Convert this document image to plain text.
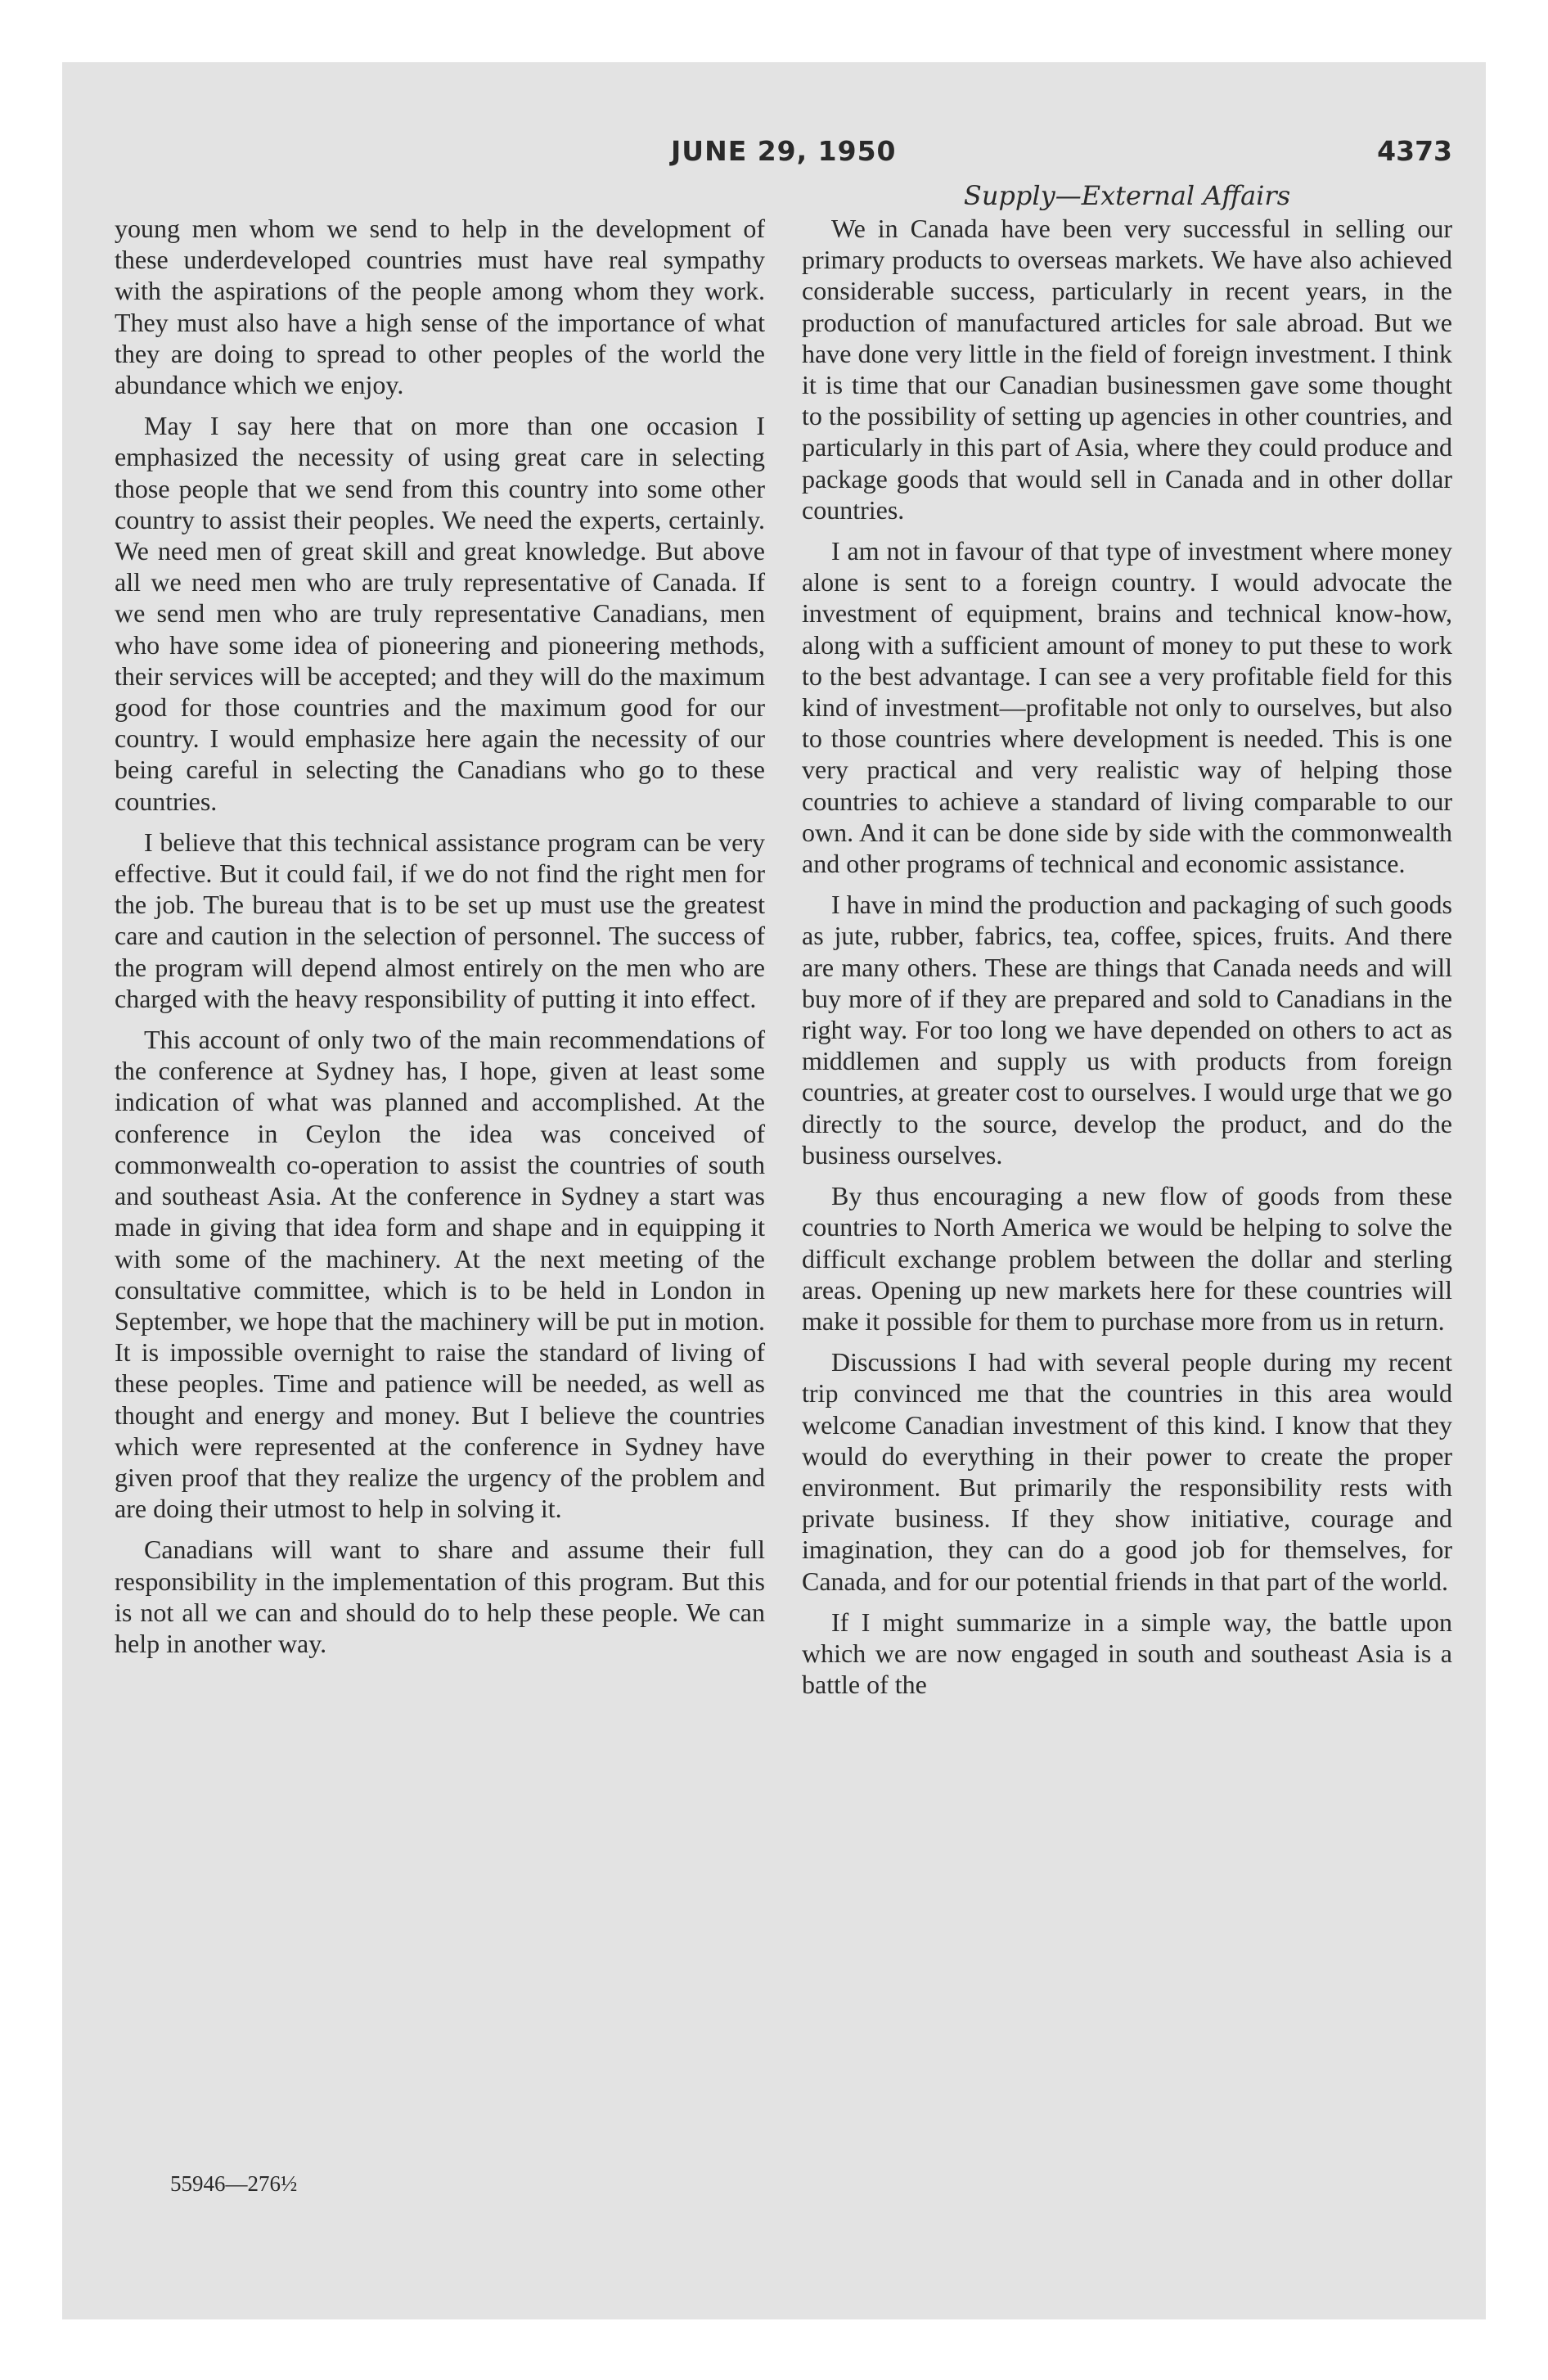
JUNE 29, 1950	4373
Supply—External Affairs

young men whom we send to help in the development of these underdeveloped countries must have real sympathy with the aspirations of the people among whom they work. They must also have a high sense of the importance of what they are doing to spread to other peoples of the world the abundance which we enjoy.

May I say here that on more than one occasion I emphasized the necessity of using great care in selecting those people that we send from this country into some other country to assist their peoples. We need the experts, certainly. We need men of great skill and great knowledge. But above all we need men who are truly representative of Canada. If we send men who are truly representative Canadians, men who have some idea of pioneering and pioneering methods, their services will be accepted; and they will do the maximum good for those countries and the maximum good for our country. I would emphasize here again the necessity of our being careful in selecting the Canadians who go to these countries.

I believe that this technical assistance program can be very effective. But it could fail, if we do not find the right men for the job. The bureau that is to be set up must use the greatest care and caution in the selection of personnel. The success of the program will depend almost entirely on the men who are charged with the heavy responsibility of putting it into effect.

This account of only two of the main recommendations of the conference at Sydney has, I hope, given at least some indication of what was planned and accomplished. At the conference in Ceylon the idea was conceived of commonwealth co-operation to assist the countries of south and southeast Asia. At the conference in Sydney a start was made in giving that idea form and shape and in equipping it with some of the machinery. At the next meeting of the consultative committee, which is to be held in London in September, we hope that the machinery will be put in motion. It is impossible overnight to raise the standard of living of these peoples. Time and patience will be needed, as well as thought and energy and money. But I believe the countries which were represented at the conference in Sydney have given proof that they realize the urgency of the problem and are doing their utmost to help in solving it.

Canadians will want to share and assume their full responsibility in the implementation of this program. But this is not all we can and should do to help these people. We can help in another way.

We in Canada have been very successful in selling our primary products to overseas markets. We have also achieved considerable success, particularly in recent years, in the production of manufactured articles for sale abroad. But we have done very little in the field of foreign investment. I think it is time that our Canadian businessmen gave some thought to the possibility of setting up agencies in other countries, and particularly in this part of Asia, where they could produce and package goods that would sell in Canada and in other dollar countries.

I am not in favour of that type of investment where money alone is sent to a foreign country. I would advocate the investment of equipment, brains and technical know-how, along with a sufficient amount of money to put these to work to the best advantage. I can see a very profitable field for this kind of investment—profitable not only to ourselves, but also to those countries where development is needed. This is one very practical and very realistic way of helping those countries to achieve a standard of living comparable to our own. And it can be done side by side with the commonwealth and other programs of technical and economic assistance.

I have in mind the production and packaging of such goods as jute, rubber, fabrics, tea, coffee, spices, fruits. And there are many others. These are things that Canada needs and will buy more of if they are prepared and sold to Canadians in the right way. For too long we have depended on others to act as middlemen and supply us with products from foreign countries, at greater cost to ourselves. I would urge that we go directly to the source, develop the product, and do the business ourselves.

By thus encouraging a new flow of goods from these countries to North America we would be helping to solve the difficult exchange problem between the dollar and sterling areas. Opening up new markets here for these countries will make it possible for them to purchase more from us in return.

Discussions I had with several people during my recent trip convinced me that the countries in this area would welcome Canadian investment of this kind. I know that they would do everything in their power to create the proper environment. But primarily the responsibility rests with private business. If they show initiative, courage and imagination, they can do a good job for themselves, for Canada, and for our potential friends in that part of the world.

If I might summarize in a simple way, the battle upon which we are now engaged in south and southeast Asia is a battle of the

55946—276½
